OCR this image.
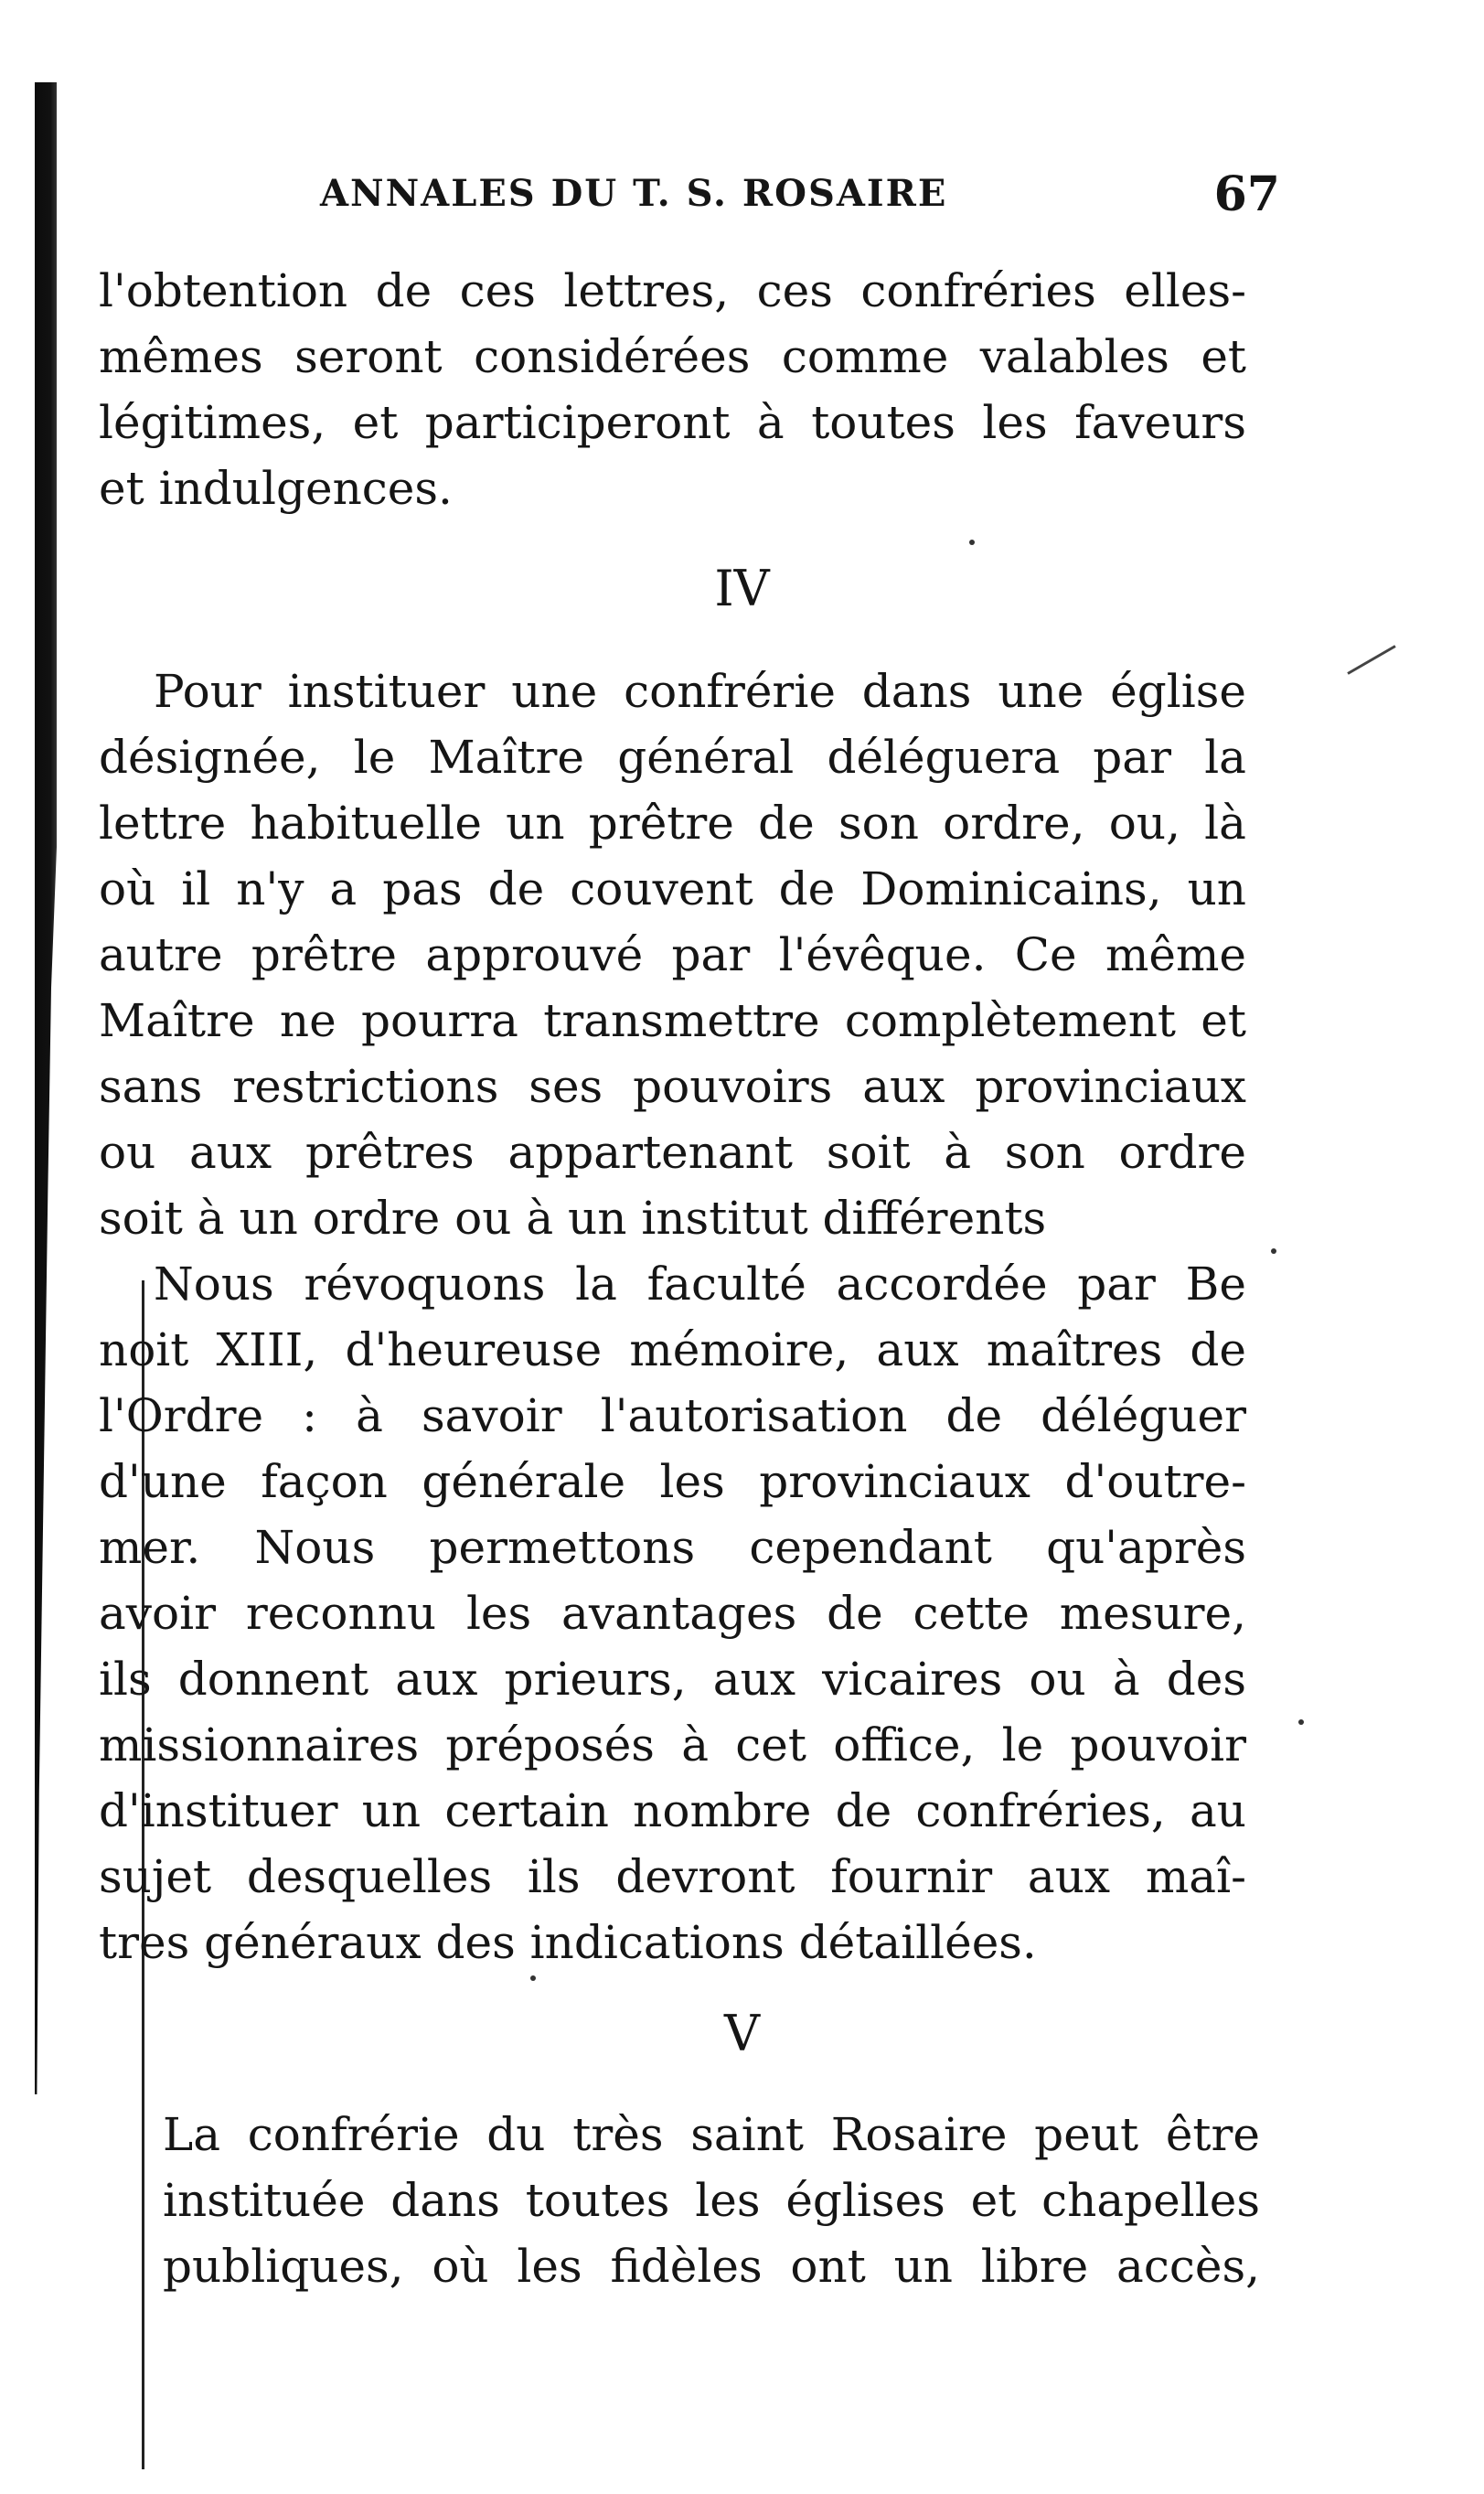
ANNALES DU T. S. ROSAIRE	67
l'obtention de ces lettres, ces confréries elles-
mêmes seront considérées comme valables et
légitimes, et participeront à toutes les faveurs
et indulgences.
IV
Pour instituer une confrérie dans une église
désignée, le Maître général déléguera par la
lettre habituelle un prêtre de son ordre, ou, là
où il n'y a pas de couvent de Dominicains, un
autre prêtre approuvé par l'évêque. Ce même
Maître ne pourra transmettre complètement et
sans restrictions ses pouvoirs aux provinciaux
ou aux prêtres appartenant soit à son ordre
soit à un ordre ou à un institut différents
Nous révoquons la faculté accordée par Be
noit XIII, d'heureuse mémoire, aux maîtres de
l'Ordre : à savoir l'autorisation de déléguer
d'une façon générale les provinciaux d'outre-
mer. Nous permettons cependant qu'après
avoir reconnu les avantages de cette mesure,
ils donnent aux prieurs, aux vicaires ou à des
missionnaires préposés à cet office, le pouvoir
d'instituer un certain nombre de confréries, au
sujet desquelles ils devront fournir aux maî-
tres généraux des indications détaillées.
V
La confrérie du très saint Rosaire peut être
instituée dans toutes les églises et chapelles
publiques, où les fidèles ont un libre accès,
